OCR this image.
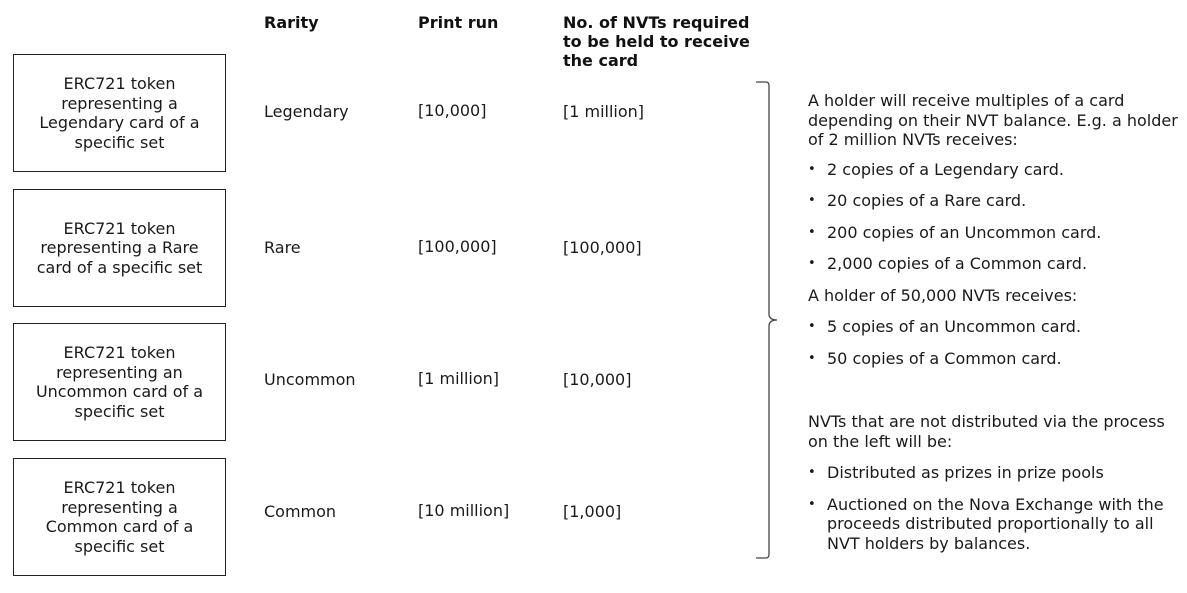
Rarity	Print run	No. of NVTs required to be held to receive the card
ERC721 token representing a Legendary card of a specific set
Legendary	[10,000]	[1 million]
ERC721 token representing a Rare card of a specific set
Rare	[100,000]	[100,000]
ERC721 token representing an Uncommon card of a specific set
Uncommon	[1 million]	[10,000]
ERC721 token representing a Common card of a specific set
Common	[10 million]	[1,000]

A holder will receive multiples of a card depending on their NVT balance. E.g. a holder of 2 million NVTs receives:

• 2 copies of a Legendary card.
• 20 copies of a Rare card.
• 200 copies of an Uncommon card.
• 2,000 copies of a Common card.

A holder of 50,000 NVTs receives:

• 5 copies of an Uncommon card.
• 50 copies of a Common card.

NVTs that are not distributed via the process on the left will be:

• Distributed as prizes in prize pools
• Auctioned on the Nova Exchange with the proceeds distributed proportionally to all NVT holders by balances.
